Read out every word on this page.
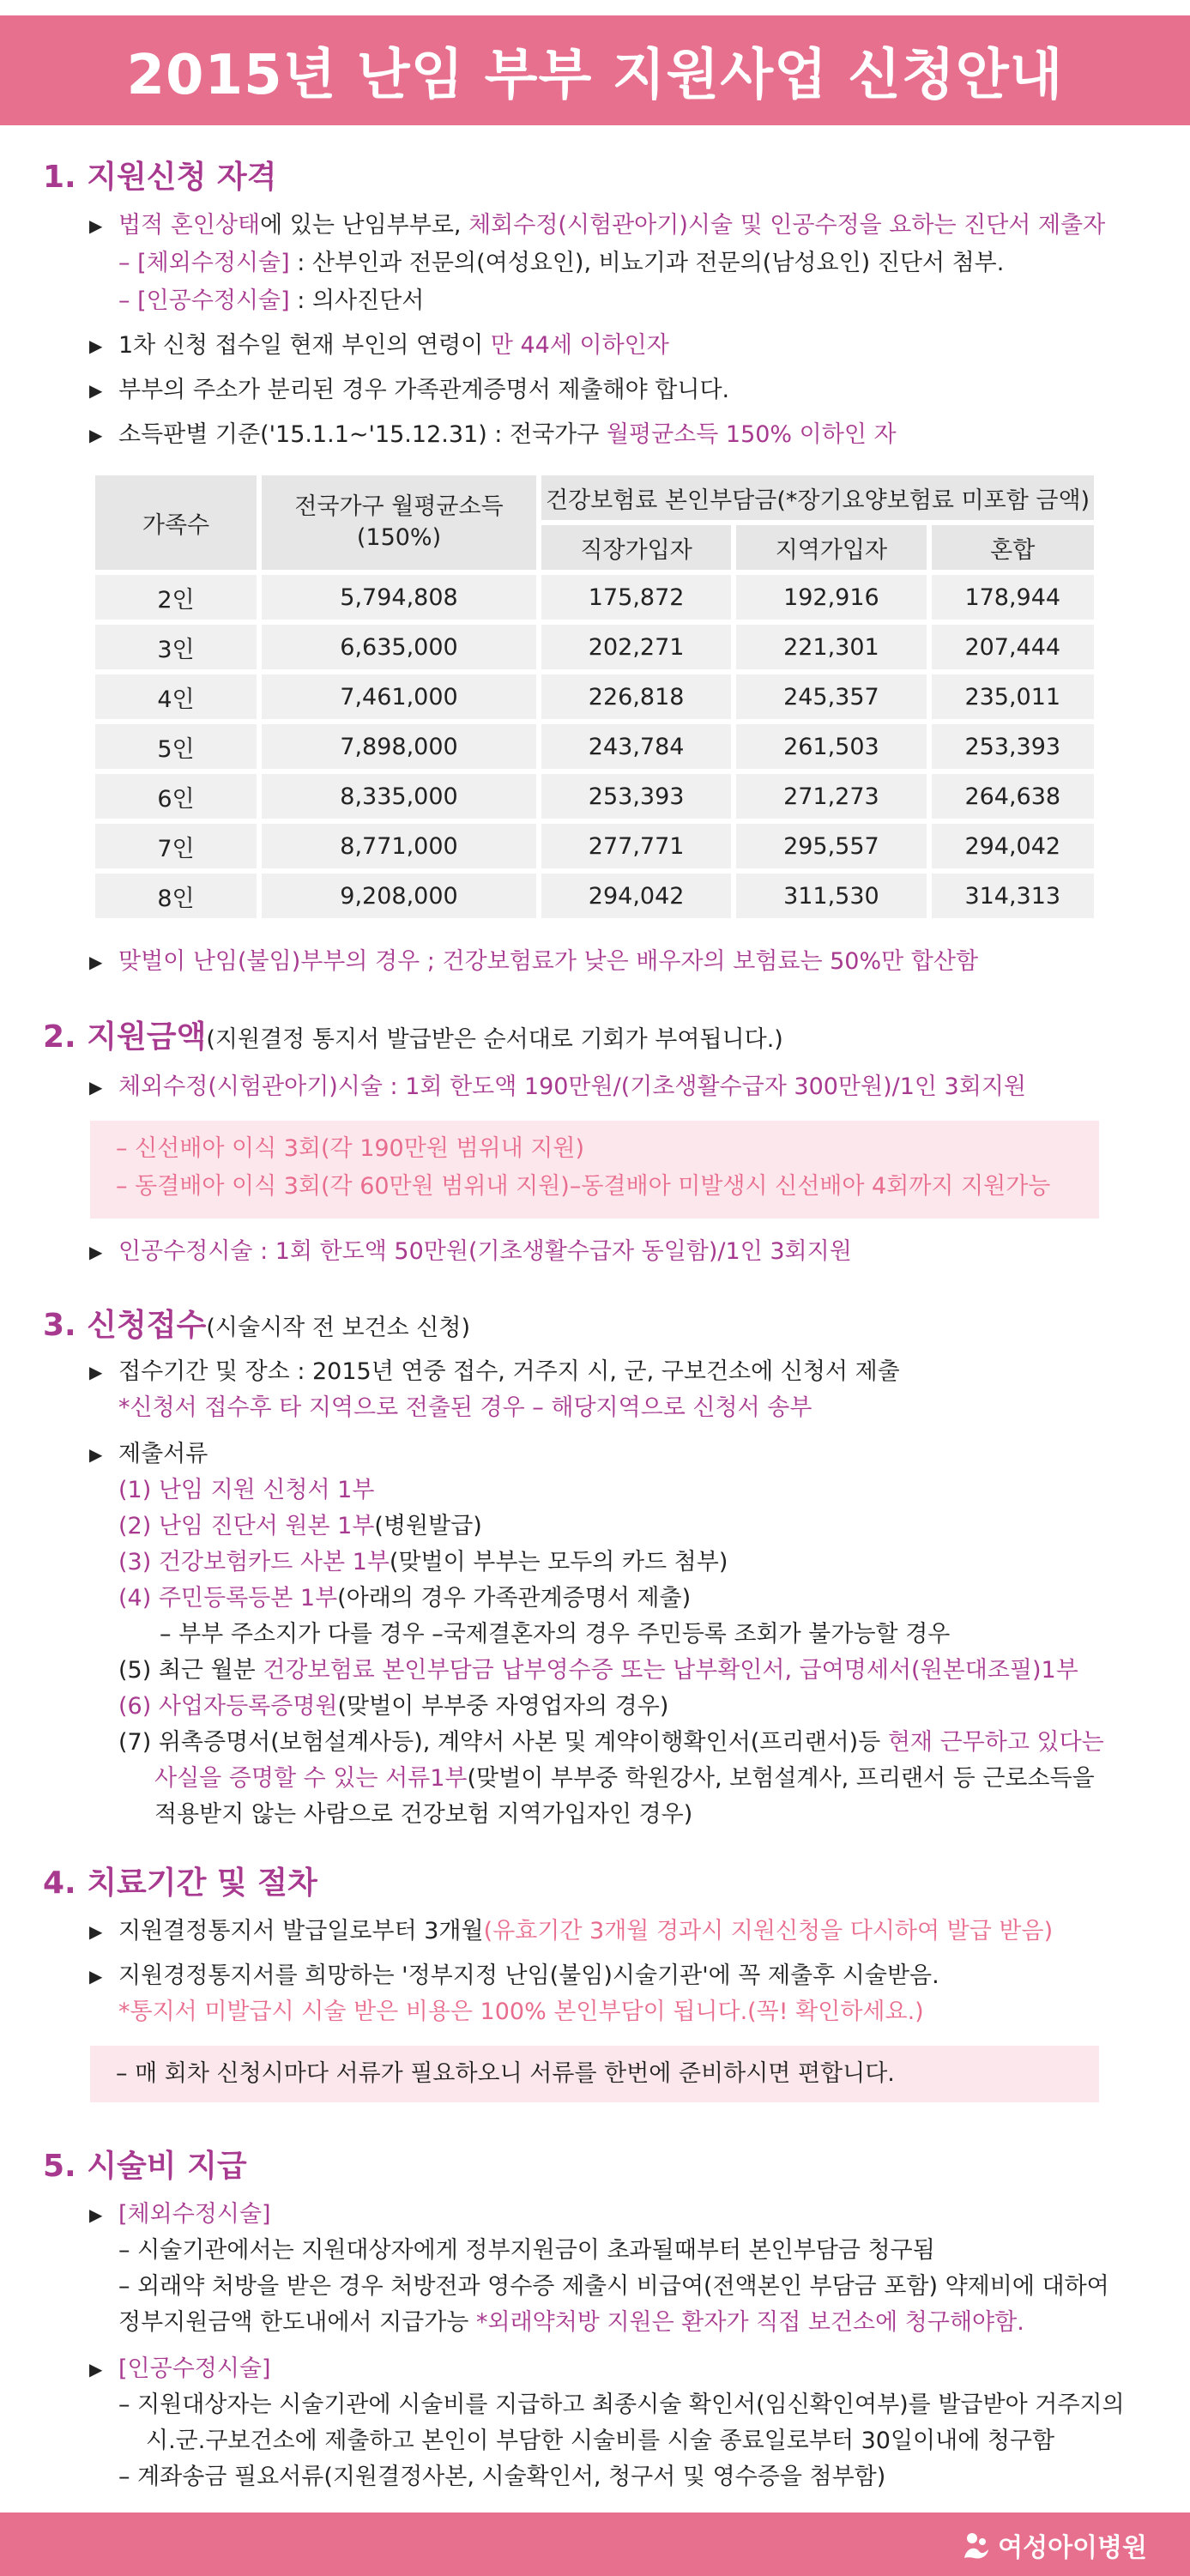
2015년 난임 부부 지원사업 신청안내
1. 지원신청 자격
▶ 법적 혼인상태에 있는 난임부부로, 체회수정(시험관아기)시술 및 인공수정을 요하는 진단서 제출자
– [체외수정시술] : 산부인과 전문의(여성요인), 비뇨기과 전문의(남성요인) 진단서 첨부.
– [인공수정시술] : 의사진단서
▶ 1차 신청 접수일 현재 부인의 연령이 만 44세 이하인자
▶ 부부의 주소가 분리된 경우 가족관계증명서 제출해야 합니다.
▶ 소득판별 기준('15.1.1~'15.12.31) : 전국가구 월평균소득 150% 이하인 자
가족수	전국가구 월평균소득(150%)	건강보험료 본인부담금(*장기요양보험료 미포함 금액)		
		직장가입자	지역가입자	혼합
2인	5,794,808	175,872	192,916	178,944
3인	6,635,000	202,271	221,301	207,444
4인	7,461,000	226,818	245,357	235,011
5인	7,898,000	243,784	261,503	253,393
6인	8,335,000	253,393	271,273	264,638
7인	8,771,000	277,771	295,557	294,042
8인	9,208,000	294,042	311,530	314,313
▶ 맞벌이 난임(불임)부부의 경우 ; 건강보험료가 낮은 배우자의 보험료는 50%만 합산함
2. 지원금액(지원결정 통지서 발급받은 순서대로 기회가 부여됩니다.)
▶ 체외수정(시험관아기)시술 : 1회 한도액 190만원/(기초생활수급자 300만원)/1인 3회지원
– 신선배아 이식 3회(각 190만원 범위내 지원)
– 동결배아 이식 3회(각 60만원 범위내 지원)–동결배아 미발생시 신선배아 4회까지 지원가능
▶ 인공수정시술 : 1회 한도액 50만원(기초생활수급자 동일함)/1인 3회지원
3. 신청접수(시술시작 전 보건소 신청)
▶ 접수기간 및 장소 : 2015년 연중 접수, 거주지 시, 군, 구보건소에 신청서 제출
*신청서 접수후 타 지역으로 전출된 경우 – 해당지역으로 신청서 송부
▶ 제출서류
(1) 난임 지원 신청서 1부
(2) 난임 진단서 원본 1부(병원발급)
(3) 건강보험카드 사본 1부(맞벌이 부부는 모두의 카드 첨부)
(4) 주민등록등본 1부(아래의 경우 가족관계증명서 제출)
– 부부 주소지가 다를 경우 –국제결혼자의 경우 주민등록 조회가 불가능할 경우
(5) 최근 월분 건강보험료 본인부담금 납부영수증 또는 납부확인서, 급여명세서(원본대조필)1부
(6) 사업자등록증명원(맞벌이 부부중 자영업자의 경우)
(7) 위촉증명서(보험설계사등), 계약서 사본 및 계약이행확인서(프리랜서)등 현재 근무하고 있다는
사실을 증명할 수 있는 서류1부(맞벌이 부부중 학원강사, 보험설계사, 프리랜서 등 근로소득을
적용받지 않는 사람으로 건강보험 지역가입자인 경우)
4. 치료기간 및 절차
▶ 지원결정통지서 발급일로부터 3개월(유효기간 3개월 경과시 지원신청을 다시하여 발급 받음)
▶ 지원경정통지서를 희망하는 '정부지정 난임(불임)시술기관'에 꼭 제출후 시술받음.
*통지서 미발급시 시술 받은 비용은 100% 본인부담이 됩니다.(꼭! 확인하세요.)
– 매 회차 신청시마다 서류가 필요하오니 서류를 한번에 준비하시면 편합니다.
5. 시술비 지급
▶ [체외수정시술]
– 시술기관에서는 지원대상자에게 정부지원금이 초과될때부터 본인부담금 청구됨
– 외래약 처방을 받은 경우 처방전과 영수증 제출시 비급여(전액본인 부담금 포함) 약제비에 대하여
정부지원금액 한도내에서 지급가능 *외래약처방 지원은 환자가 직접 보건소에 청구해야함.
▶ [인공수정시술]
– 지원대상자는 시술기관에 시술비를 지급하고 최종시술 확인서(임신확인여부)를 발급받아 거주지의
시.군.구보건소에 제출하고 본인이 부담한 시술비를 시술 종료일로부터 30일이내에 청구함
– 계좌송금 필요서류(지원결정사본, 시술확인서, 청구서 및 영수증을 첨부함)
여성아이병원
